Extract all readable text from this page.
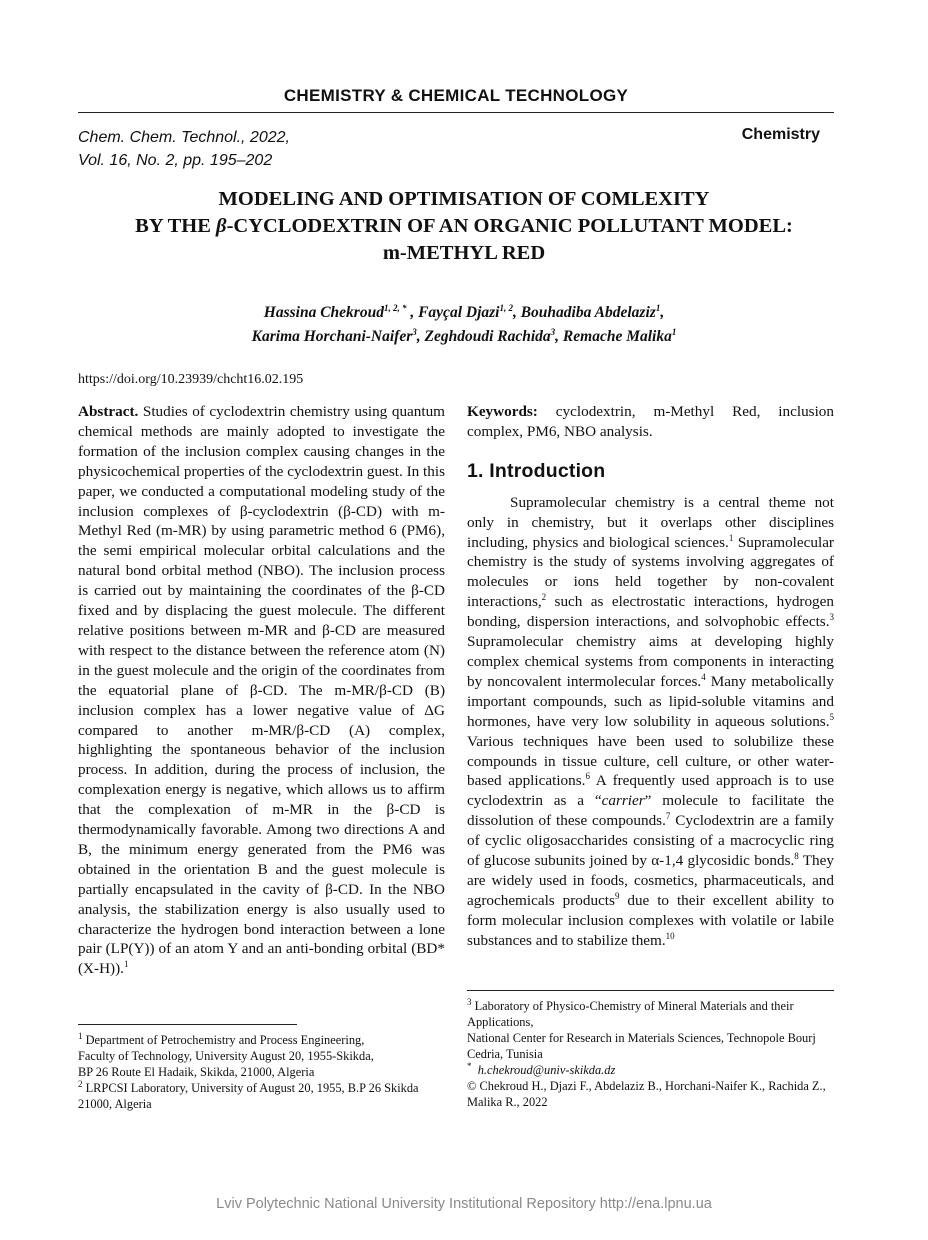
CHEMISTRY & CHEMICAL TECHNOLOGY
Chem. Chem. Technol., 2022,
Vol. 16, No. 2, pp. 195–202
Chemistry
MODELING AND OPTIMISATION OF COMLEXITY
BY THE β-CYCLODEXTRIN OF AN ORGANIC POLLUTANT MODEL:
m-METHYL RED
Hassina Chekroud$^{1, 2, *}$ , Fayçal Djazi$^{1, 2}$, Bouhadiba Abdelaziz$^1$,
Karima Horchani-Naifer$^3$, Zeghdoudi Rachida$^3$, Remache Malika$^1$
https://doi.org/10.23939/chcht16.02.195

Abstract. Studies of cyclodextrin chemistry using quantum chemical methods are mainly adopted to investigate the formation of the inclusion complex causing changes in the physicochemical properties of the cyclodextrin guest. In this paper, we conducted a computational modeling study of the inclusion complexes of β-cyclodextrin (β-CD) with m-Methyl Red (m-MR) by using parametric method 6 (PM6), the semi empirical molecular orbital calculations and the natural bond orbital method (NBO). The inclusion process is carried out by maintaining the coordinates of the β-CD fixed and by displacing the guest molecule. The different relative positions between m-MR and β-CD are measured with respect to the distance between the reference atom (N) in the guest molecule and the origin of the coordinates from the equatorial plane of β-CD. The m-MR/β-CD (B) inclusion complex has a lower negative value of ΔG compared to another m-MR/β-CD (A) complex, highlighting the spontaneous behavior of the inclusion process. In addition, during the process of inclusion, the complexation energy is negative, which allows us to affirm that the complexation of m-MR in the β-CD is thermodynamically favorable. Among two directions A and B, the minimum energy generated from the PM6 was obtained in the orientation B and the guest molecule is partially encapsulated in the cavity of β-CD. In the NBO analysis, the stabilization energy is also usually used to characterize the hydrogen bond interaction between a lone pair (LP(Y)) of an atom Y and an anti-bonding orbital (BD*(X-H)).$^1$

Keywords: cyclodextrin, m-Methyl Red, inclusion complex, PM6, NBO analysis.

1. Introduction

Supramolecular chemistry is a central theme not only in chemistry, but it overlaps other disciplines including, physics and biological sciences.$^1$ Supramolecular chemistry is the study of systems involving aggregates of molecules or ions held together by non-covalent interactions,$^2$ such as electrostatic interactions, hydrogen bonding, dispersion interactions, and solvophobic effects.$^3$ Supramolecular chemistry aims at developing highly complex chemical systems from components in interacting by noncovalent intermolecular forces.$^4$ Many metabolically important compounds, such as lipid-soluble vitamins and hormones, have very low solubility in aqueous solutions.$^5$ Various techniques have been used to solubilize these compounds in tissue culture, cell culture, or other water-based applications.$^6$ A frequently used approach is to use cyclodextrin as a “carrier” molecule to facilitate the dissolution of these compounds.$^7$ Cyclodextrin are a family of cyclic oligosaccharides consisting of a macrocyclic ring of glucose subunits joined by α-1,4 glycosidic bonds.$^8$ They are widely used in foods, cosmetics, pharmaceuticals, and agrochemicals products$^9$ due to their excellent ability to form molecular inclusion complexes with volatile or labile substances and to stabilize them.$^{10}$

$^1$ Department of Petrochemistry and Process Engineering,
Faculty of Technology, University August 20, 1955-Skikda,
BP 26 Route El Hadaik, Skikda, 21000, Algeria
$^2$ LRPCSI Laboratory, University of August 20, 1955, B.P 26 Skikda 21000, Algeria
$^3$ Laboratory of Physico-Chemistry of Mineral Materials and their Applications,
National Center for Research in Materials Sciences, Technopole Bourj Cedria, Tunisia
* h.chekroud@univ-skikda.dz
© Chekroud H., Djazi F., Abdelaziz B., Horchani-Naifer K., Rachida Z., Malika R., 2022
Lviv Polytechnic National University Institutional Repository http://ena.lpnu.ua
